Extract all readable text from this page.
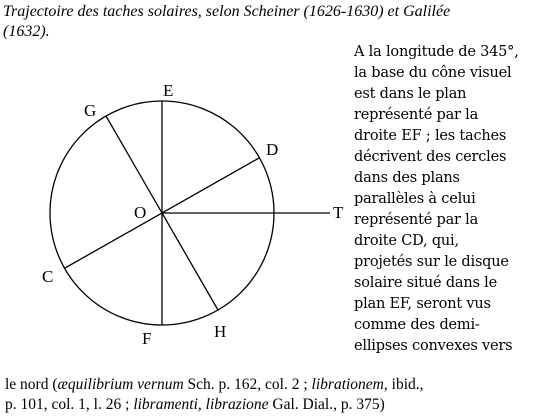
Trajectoire des taches solaires, selon Scheiner (1626-1630) et Galilée
(1632).
E
F
G
H
C
D
O	T
A la longitude de 345°,
la base du cône visuel
est dans le plan
représenté par la
droite EF ; les taches
décrivent des cercles
dans des plans
parallèles à celui
représenté par la
droite CD, qui,
projetés sur le disque
solaire situé dans le
plan EF, seront vus
comme des demi-
ellipses convexes vers
le nord (æquilibrium vernum Sch. p. 162, col. 2 ; librationem, ibid.,
p. 101, col. 1, l. 26 ; libramenti, librazione Gal. Dial., p. 375)
